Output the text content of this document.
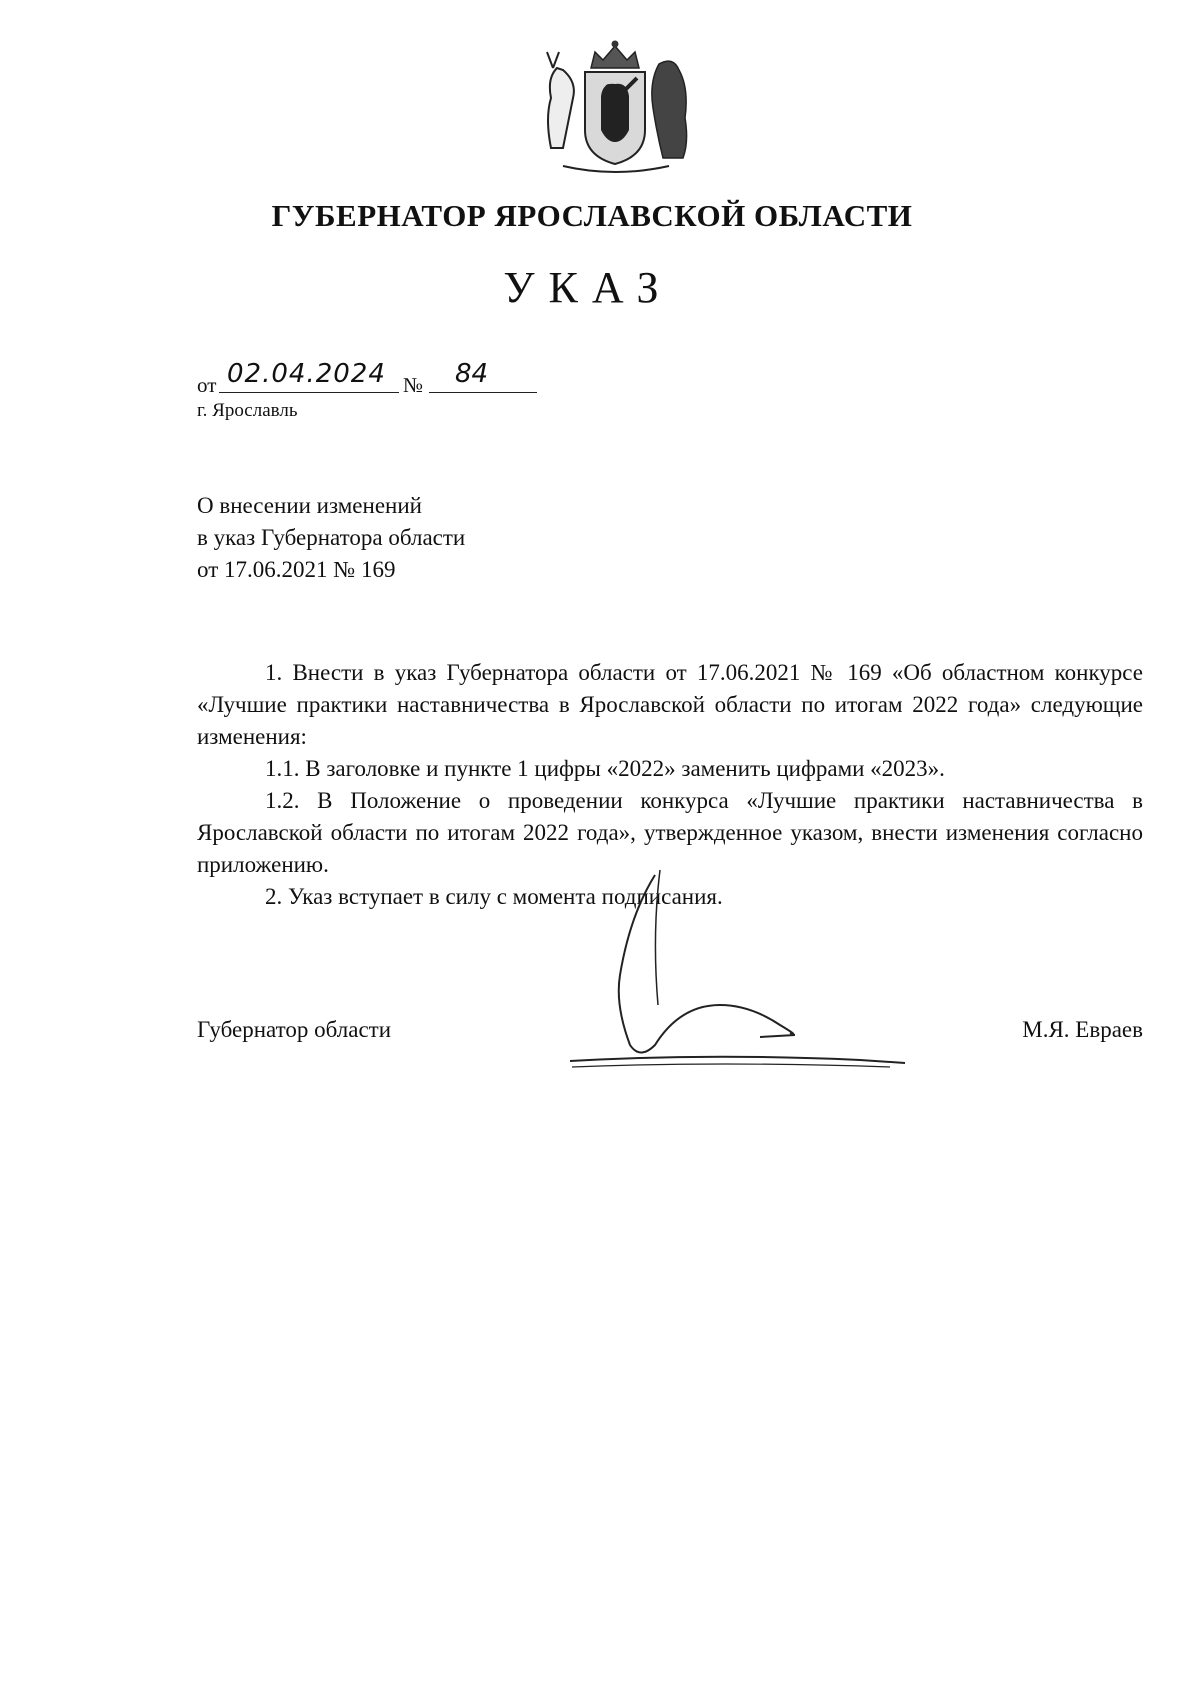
ГУБЕРНАТОР ЯРОСЛАВСКОЙ ОБЛАСТИ
УКАЗ
от 02.04.2024 № 84
г. Ярославль
О внесении изменений
в указ Губернатора области
от 17.06.2021 № 169

1. Внести в указ Губернатора области от 17.06.2021 № 169 «Об областном конкурсе «Лучшие практики наставничества в Ярославской области по итогам 2022 года» следующие изменения:

1.1. В заголовке и пункте 1 цифры «2022» заменить цифрами «2023».

1.2. В Положение о проведении конкурса «Лучшие практики наставничества в Ярославской области по итогам 2022 года», утвержденное указом, внести изменения согласно приложению.

2. Указ вступает в силу с момента подписания.

Губернатор области	М.Я. Евраев
